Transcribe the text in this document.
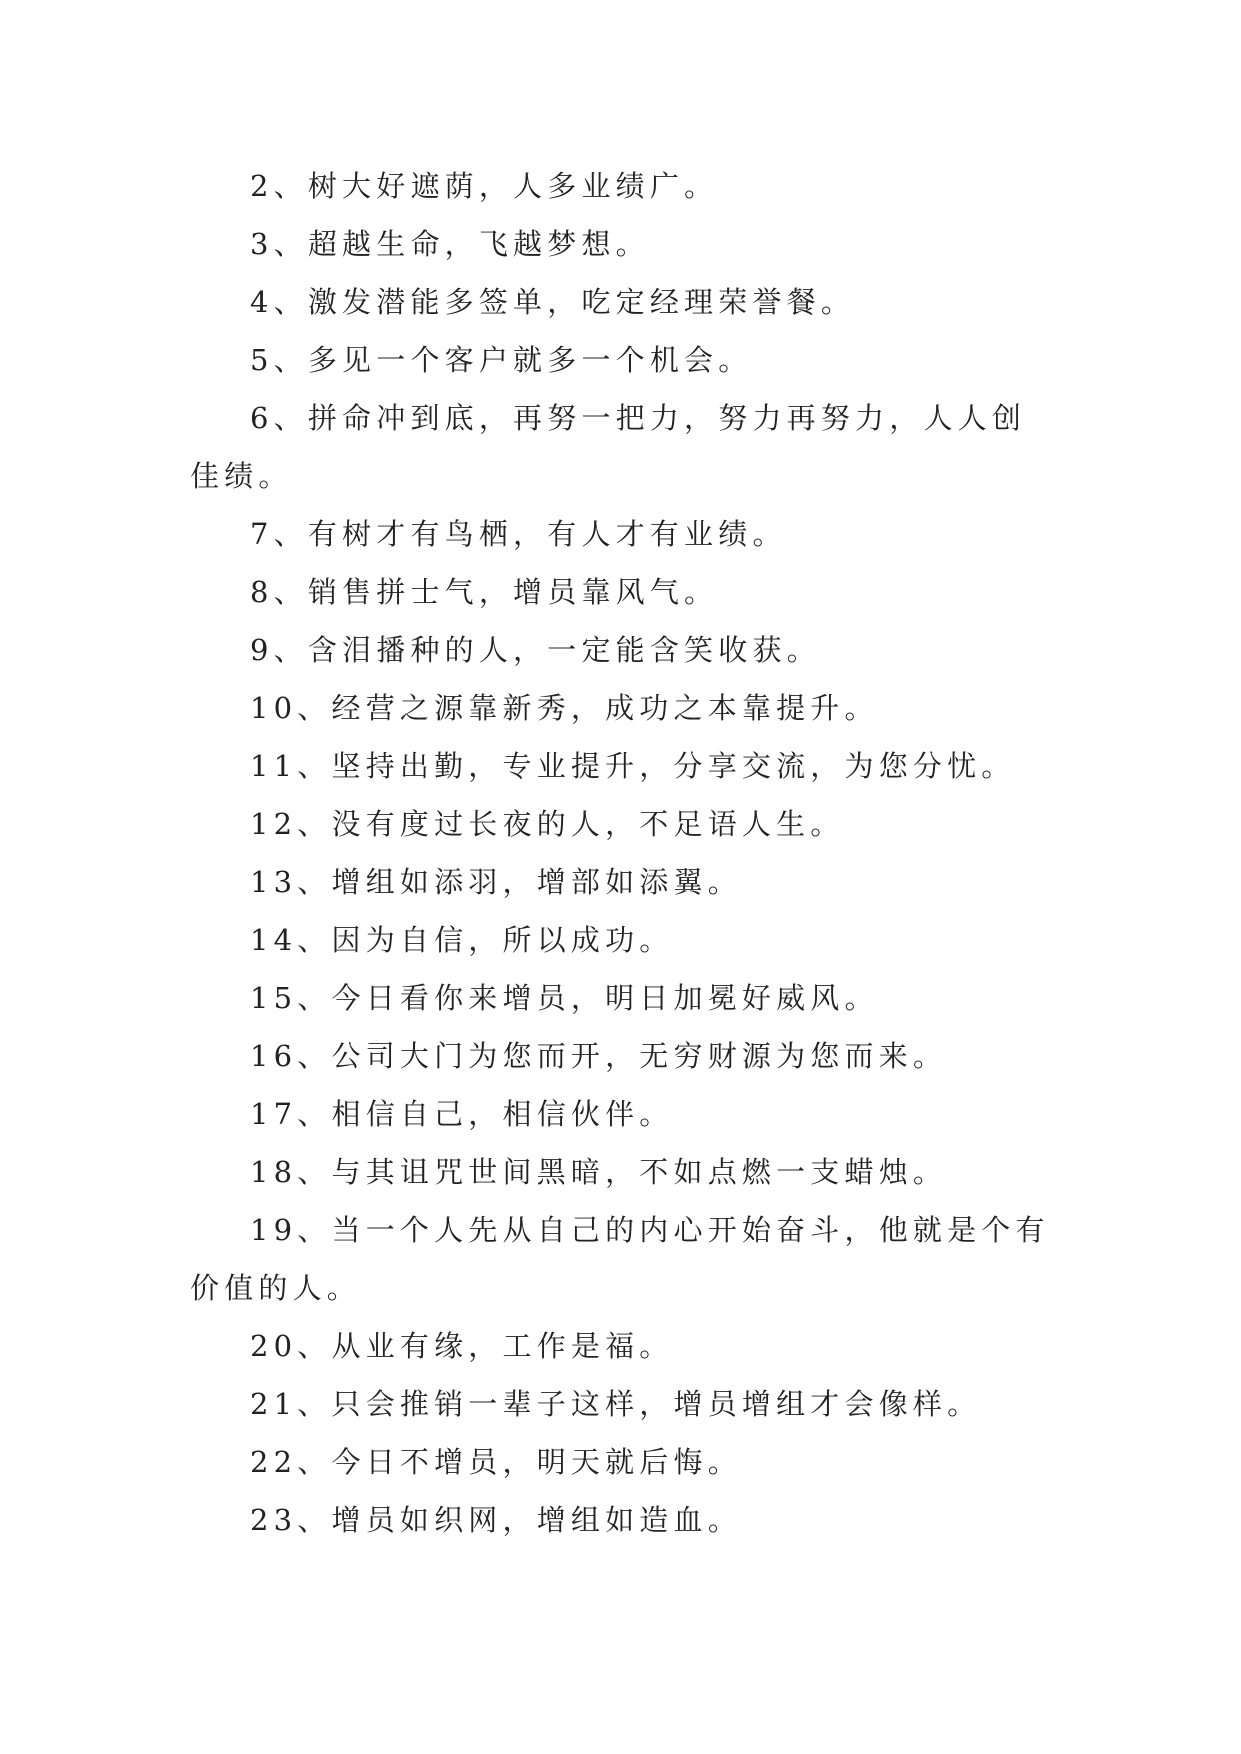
2、树大好遮荫，人多业绩广。

3、超越生命，飞越梦想。

4、激发潜能多签单，吃定经理荣誉餐。

5、多见一个客户就多一个机会。

6、拼命冲到底，再努一把力，努力再努力，人人创佳绩。

7、有树才有鸟栖，有人才有业绩。

8、销售拼士气，增员靠风气。

9、含泪播种的人，一定能含笑收获。

10、经营之源靠新秀，成功之本靠提升。

11、坚持出勤，专业提升，分享交流，为您分忧。

12、没有度过长夜的人，不足语人生。

13、增组如添羽，增部如添翼。

14、因为自信，所以成功。

15、今日看你来增员，明日加冕好威风。

16、公司大门为您而开，无穷财源为您而来。

17、相信自己，相信伙伴。

18、与其诅咒世间黑暗，不如点燃一支蜡烛。

19、当一个人先从自己的内心开始奋斗，他就是个有价值的人。

20、从业有缘，工作是福。

21、只会推销一辈子这样，增员增组才会像样。

22、今日不增员，明天就后悔。

23、增员如织网，增组如造血。
